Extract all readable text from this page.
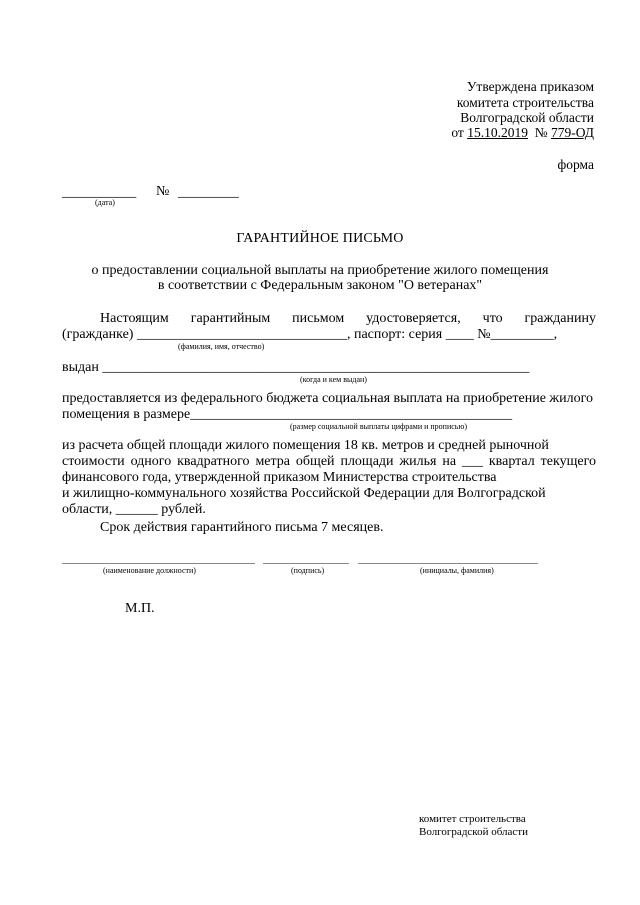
Утверждена приказом
комитета строительства
Волгоградской области
от 15.10.2019 № 779-ОД
форма
___________ № _________
(дата)
ГАРАНТИЙНОЕ ПИСЬМО
о предоставлении социальной выплаты на приобретение жилого помещения
в соответствии с Федеральным законом "О ветеранах"
Настоящим гарантийным письмом удостоверяется, что гражданину
(гражданке) ______________________________, паспорт: серия ____ №_________,
(фамилия, имя, отчество)
выдан _____________________________________________________________
(когда и кем выдан)
предоставляется из федерального бюджета социальная выплата на приобретение жилого
помещения в размере______________________________________________
(размер социальной выплаты цифрами и прописью)
из расчета общей площади жилого помещения 18 кв. метров и средней рыночной
стоимости одного квадратного метра общей площади жилья на ___ квартал текущего
финансового года, утвержденной приказом Министерства строительства
и жилищно-коммунального хозяйства Российской Федерации для Волгоградской
области, ______ рублей.
Срок действия гарантийного письма 7 месяцев.
(наименование должности)	(подпись)	(инициалы, фамилия)
М.П.
комитет строительства
Волгоградской области
